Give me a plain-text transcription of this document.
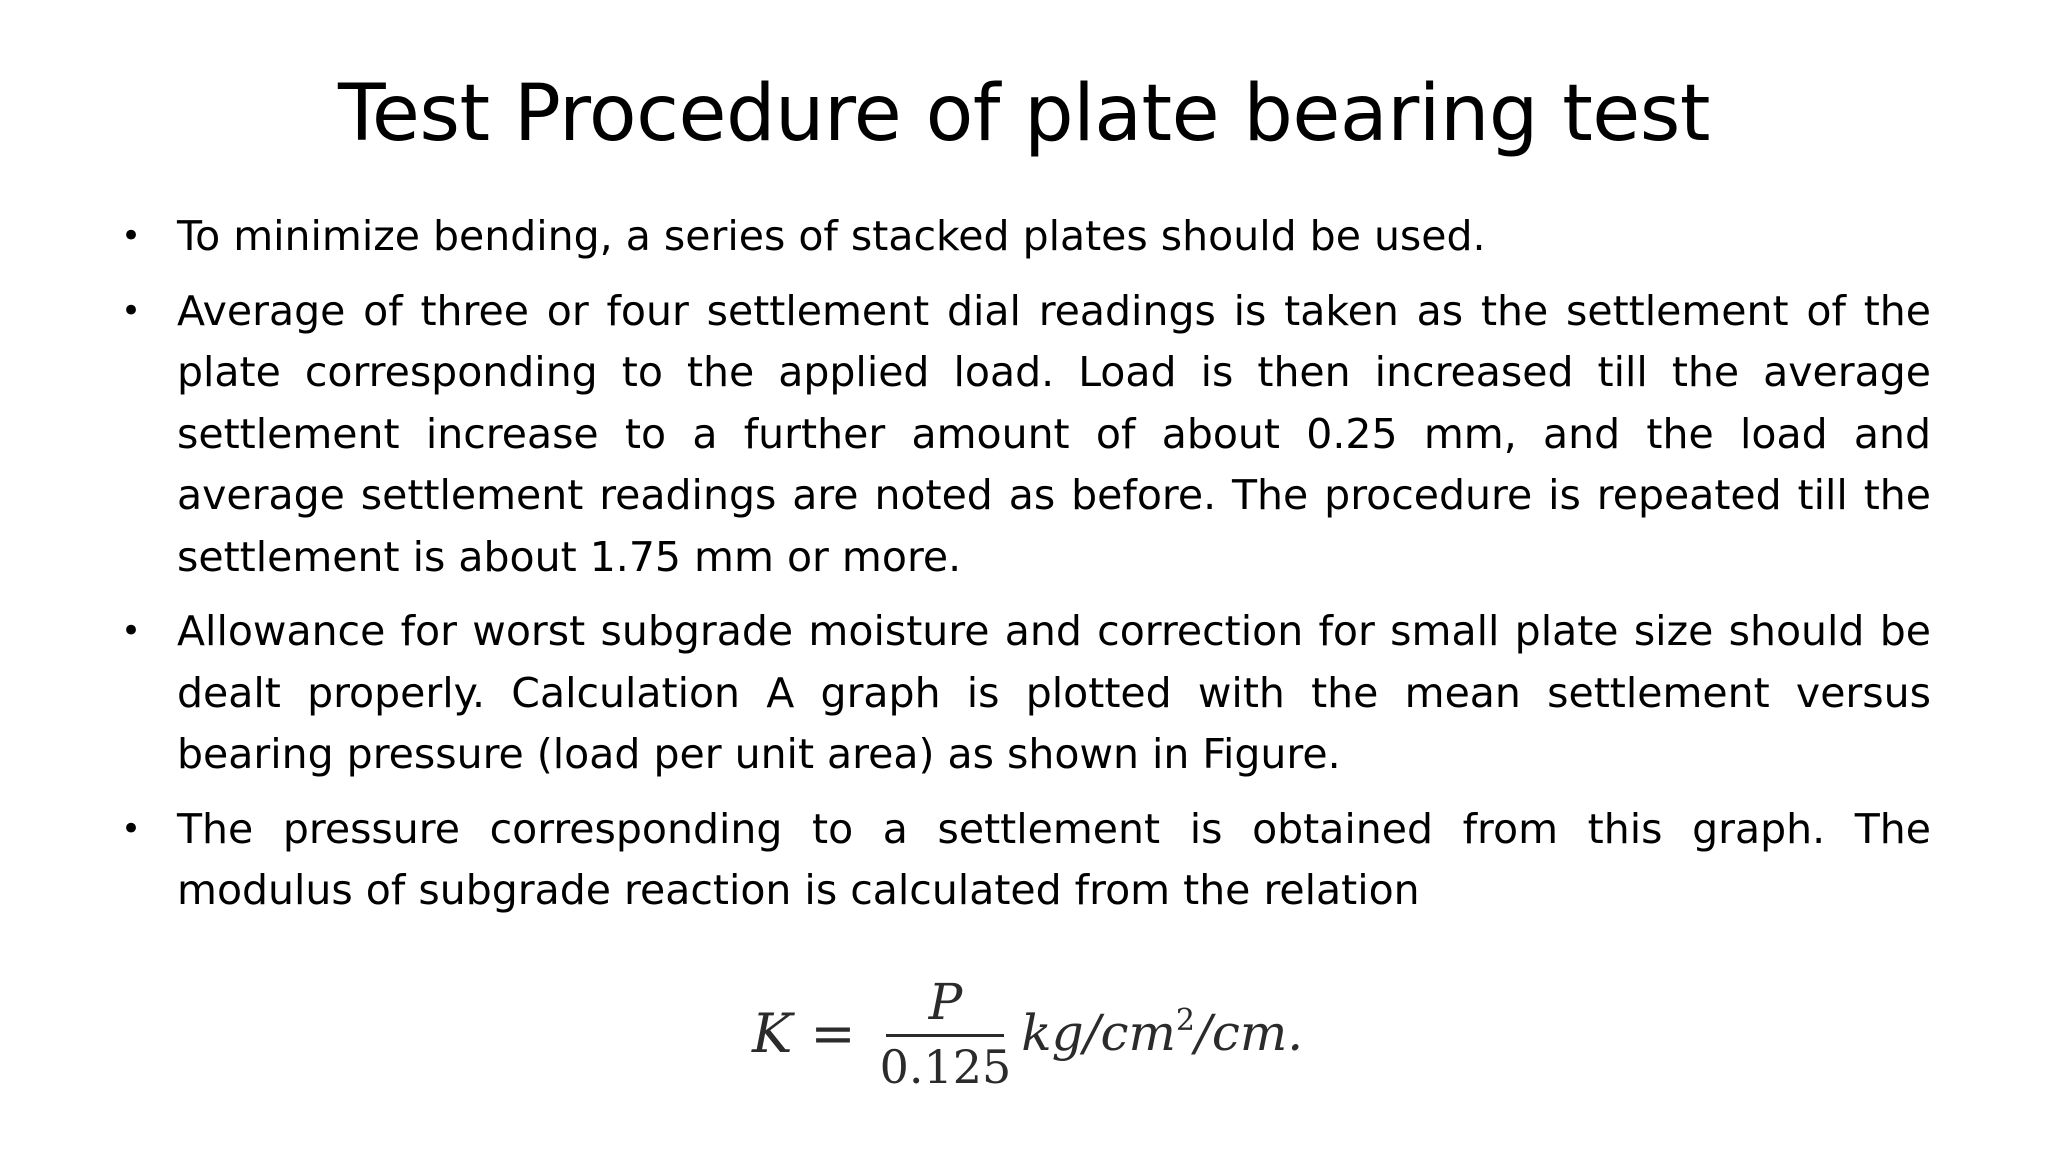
Test Procedure of plate bearing test
• To minimize bending, a series of stacked plates should be used.
• Average of three or four settlement dial readings is taken as the settlement of the plate corresponding to the applied load. Load is then increased till the average settlement increase to a further amount of about 0.25 mm, and the load and average settlement readings are noted as before. The procedure is repeated till the settlement is about 1.75 mm or more.
• Allowance for worst subgrade moisture and correction for small plate size should be dealt properly. Calculation A graph is plotted with the mean settlement versus bearing pressure (load per unit area) as shown in Figure.
• The pressure corresponding to a settlement is obtained from this graph. The modulus of subgrade reaction is calculated from the relation
$K = \frac{P}{0.125} kg/cm$ 2 /cm.
